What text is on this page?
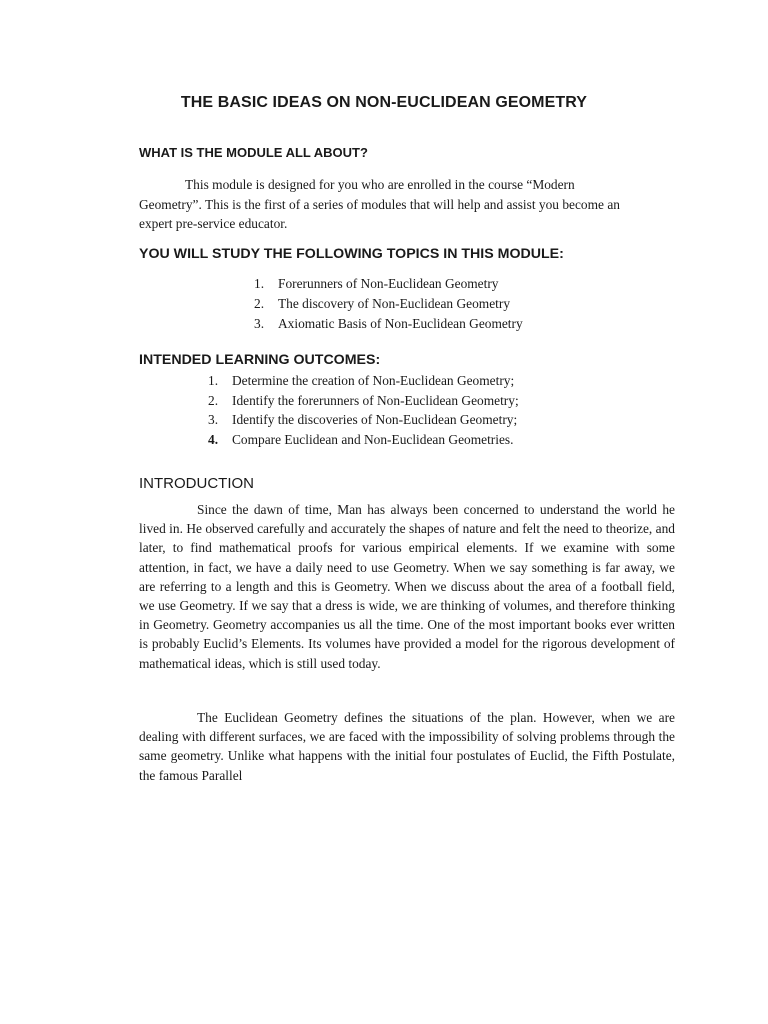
THE BASIC IDEAS ON NON-EUCLIDEAN GEOMETRY
WHAT IS THE MODULE ALL ABOUT?
This module is designed for you who are enrolled in the course “Modern Geometry”. This is the first of a series of modules that will help and assist you become an expert pre-service educator.
YOU WILL STUDY THE FOLLOWING TOPICS IN THIS MODULE:
1.	Forerunners of Non-Euclidean Geometry
2.	The discovery of Non-Euclidean Geometry
3.	Axiomatic Basis of Non-Euclidean Geometry
INTENDED LEARNING OUTCOMES:
1.	Determine the creation of Non-Euclidean Geometry;
2.	Identify the forerunners of Non-Euclidean Geometry;
3.	Identify the discoveries of Non-Euclidean Geometry;
4.	Compare Euclidean and Non-Euclidean Geometries.
INTRODUCTION

Since the dawn of time, Man has always been concerned to understand the world he lived in. He observed carefully and accurately the shapes of nature and felt the need to theorize, and later, to find mathematical proofs for various empirical elements. If we examine with some attention, in fact, we have a daily need to use Geometry. When we say something is far away, we are referring to a length and this is Geometry. When we discuss about the area of a football field, we use Geometry. If we say that a dress is wide, we are thinking of volumes, and therefore thinking in Geometry. Geometry accompanies us all the time. One of the most important books ever written is probably Euclid’s Elements. Its volumes have provided a model for the rigorous development of mathematical ideas, which is still used today.

The Euclidean Geometry defines the situations of the plan. However, when we are dealing with different surfaces, we are faced with the impossibility of solving problems through the same geometry. Unlike what happens with the initial four postulates of Euclid, the Fifth Postulate, the famous Parallel
